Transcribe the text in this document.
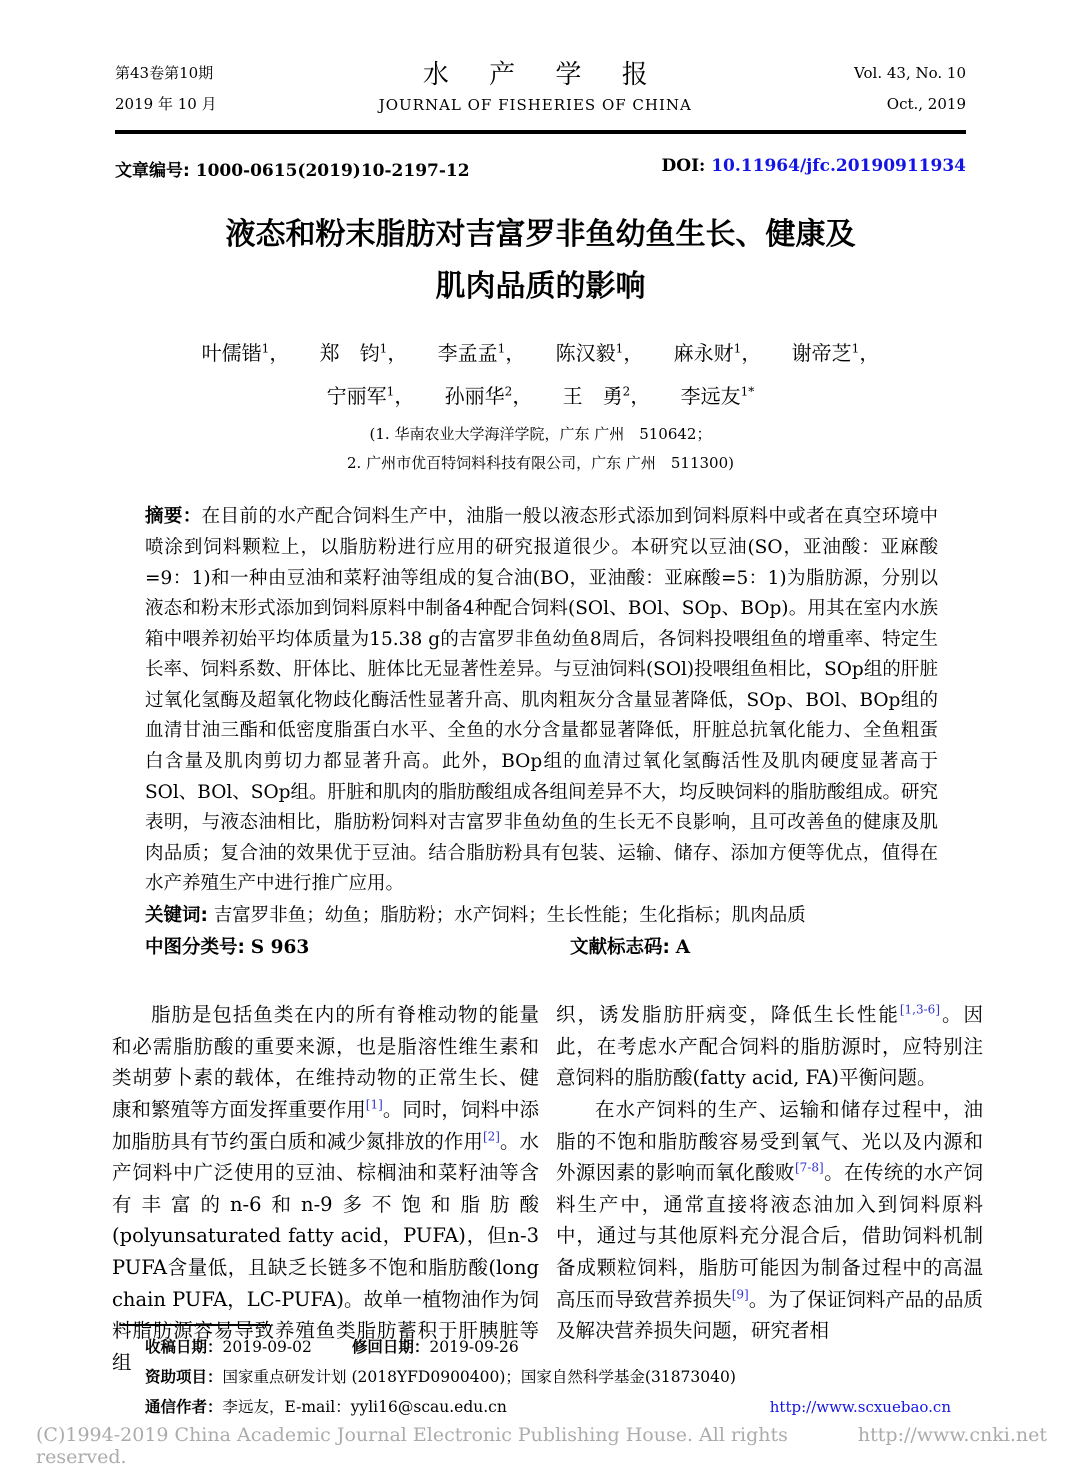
第43卷第10期
2019 年 10 月
水 产 学 报
JOURNAL OF FISHERIES OF CHINA
Vol. 43, No. 10
Oct., 2019
文章编号: 1000-0615(2019)10-2197-12	DOI: 10.11964/jfc.20190911934
液态和粉末脂肪对吉富罗非鱼幼鱼生长、健康及
肌肉品质的影响
叶儒锴$^1$， 郑　钧$^1$， 李孟孟$^1$， 陈汉毅$^1$， 麻永财$^1$， 谢帝芝$^1$，
宁丽军$^1$， 孙丽华$^2$， 王　勇$^2$， 李远友$^{1*}$
(1. 华南农业大学海洋学院，广东 广州　510642；
2. 广州市优百特饲料科技有限公司，广东 广州　511300)
摘要：在目前的水产配合饲料生产中，油脂一般以液态形式添加到饲料原料中或者在真空环境中喷涂到饲料颗粒上，以脂肪粉进行应用的研究报道很少。本研究以豆油(SO，亚油酸：亚麻酸=9：1)和一种由豆油和菜籽油等组成的复合油(BO，亚油酸：亚麻酸=5：1)为脂肪源，分别以液态和粉末形式添加到饲料原料中制备4种配合饲料(SOl、BOl、SOp、BOp)。用其在室内水族箱中喂养初始平均体质量为15.38 g的吉富罗非鱼幼鱼8周后，各饲料投喂组鱼的增重率、特定生长率、饲料系数、肝体比、脏体比无显著性差异。与豆油饲料(SOl)投喂组鱼相比，SOp组的肝脏过氧化氢酶及超氧化物歧化酶活性显著升高、肌肉粗灰分含量显著降低，SOp、BOl、BOp组的血清甘油三酯和低密度脂蛋白水平、全鱼的水分含量都显著降低，肝脏总抗氧化能力、全鱼粗蛋白含量及肌肉剪切力都显著升高。此外，BOp组的血清过氧化氢酶活性及肌肉硬度显著高于SOl、BOl、SOp组。肝脏和肌肉的脂肪酸组成各组间差异不大，均反映饲料的脂肪酸组成。研究表明，与液态油相比，脂肪粉饲料对吉富罗非鱼幼鱼的生长无不良影响，且可改善鱼的健康及肌肉品质；复合油的效果优于豆油。结合脂肪粉具有包装、运输、储存、添加方便等优点，值得在水产养殖生产中进行推广应用。
关键词: 吉富罗非鱼；幼鱼；脂肪粉；水产饲料；生长性能；生化指标；肌肉品质
中图分类号: S 963	文献标志码: A

脂肪是包括鱼类在内的所有脊椎动物的能量和必需脂肪酸的重要来源，也是脂溶性维生素和类胡萝卜素的载体，在维持动物的正常生长、健康和繁殖等方面发挥重要作用[1]。同时，饲料中添加脂肪具有节约蛋白质和减少氮排放的作用[2]。水产饲料中广泛使用的豆油、棕榈油和菜籽油等含有丰富的n-6和n-9多不饱和脂肪酸(polyunsaturated fatty acid，PUFA)，但n-3 PUFA含量低，且缺乏长链多不饱和脂肪酸(long chain PUFA，LC-PUFA)。故单一植物油作为饲料脂肪源容易导致养殖鱼类脂肪蓄积于肝胰脏等组

织，诱发脂肪肝病变，降低生长性能[1,3-6]。因此，在考虑水产配合饲料的脂肪源时，应特别注意饲料的脂肪酸(fatty acid, FA)平衡问题。

在水产饲料的生产、运输和储存过程中，油脂的不饱和脂肪酸容易受到氧气、光以及内源和外源因素的影响而氧化酸败[7-8]。在传统的水产饲料生产中，通常直接将液态油加入到饲料原料中，通过与其他原料充分混合后，借助饲料机制备成颗粒饲料，脂肪可能因为制备过程中的高温高压而导致营养损失[9]。为了保证饲料产品的品质及解决营养损失问题，研究者相

收稿日期：2019-09-02	修回日期：2019-09-26
资助项目：国家重点研发计划 (2018YFD0900400)；国家自然科学基金(31873040)
通信作者：李远友，E-mail：yyli16@scau.edu.cn	http://www.scxuebao.cn
(C)1994-2019 China Academic Journal Electronic Publishing House. All rights reserved.
http://www.cnki.net
